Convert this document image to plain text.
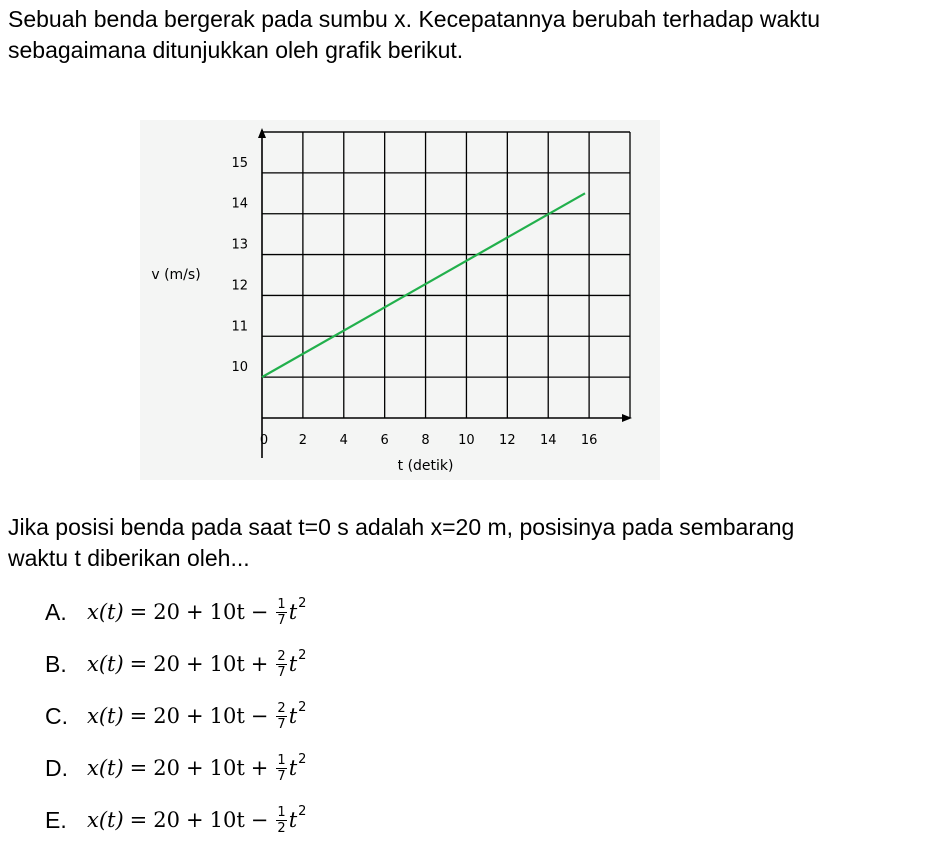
Sebuah benda bergerak pada sumbu x. Kecepatannya berubah terhadap waktu sebagaimana ditunjukkan oleh grafik berikut.
0 2	4	6	8 10 12 14 16
10
11
12
13
14
15
t (detik)
v (m/s)
Jika posisi benda pada saat t=0 s adalah x=20 m, posisinya pada sembarang
waktu t diberikan oleh...
A. $x(t) = 20 + 10t - \frac{1}{7}$ t 2
B. $x(t) = 20 + 10t + \frac{2}{7}$ t 2
C. $x(t) = 20 + 10t - \frac{2}{7}$ t 2
D. $x(t) = 20 + 10t + \frac{1}{7}$ t 2
E. $x(t) = 20 + 10t - \frac{1}{2}$ t 2
